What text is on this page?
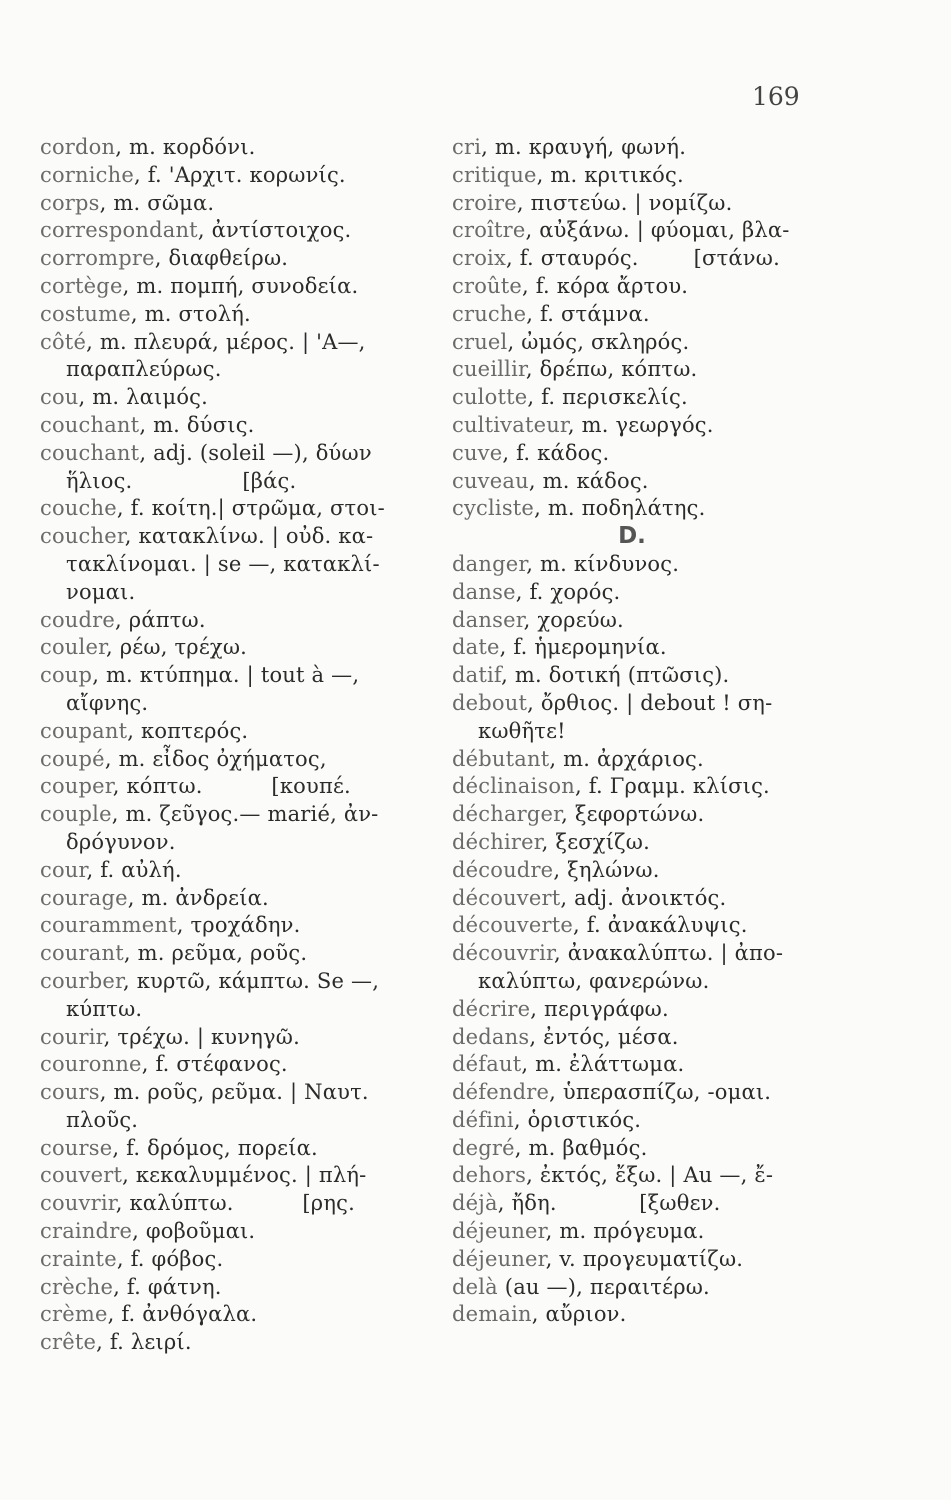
169
cordon, m. κορδόνι.
corniche, f. 'Αρχιτ. κορωνίς.
corps, m. σῶμα.
correspondant, ἀντίστοιχος.
corrompre, διαφθείρω.
cortège, m. πομπή, συνοδεία.
costume, m. στολή.
côté, m. πλευρά, μέρος. | 'Α—,
παραπλεύρως.
cou, m. λαιμός.
couchant, m. δύσις.
couchant, adj. (soleil —), δύων
ἥλιος.                [βάς.
couche, f. κοίτη.| στρῶμα, στοι-
coucher, κατακλίνω. | οὐδ. κα-
τακλίνομαι. | se —, κατακλί-
νομαι.
coudre, ράπτω.
couler, ρέω, τρέχω.
coup, m. κτύπημα. | tout à —,
αἴφνης.
coupant, κοπτερός.
coupé, m. εἶδος ὀχήματος,
couper, κόπτω.          [κουπέ.
couple, m. ζεῦγος.— marié, ἀν-
δρόγυνον.
cour, f. αὐλή.
courage, m. ἀνδρεία.
couramment, τροχάδην.
courant, m. ρεῦμα, ροῦς.
courber, κυρτῶ, κάμπτω. Se —,
κύπτω.
courir, τρέχω. | κυνηγῶ.
couronne, f. στέφανος.
cours, m. ροῦς, ρεῦμα. | Ναυτ.
πλοῦς.
course, f. δρόμος, πορεία.
couvert, κεκαλυμμένος. | πλή-
couvrir, καλύπτω.          [ρης.
craindre, φοβοῦμαι.
crainte, f. φόβος.
crèche, f. φάτνη.
crème, f. ἀνθόγαλα.
crête, f. λειρί.
cri, m. κραυγή, φωνή.
critique, m. κριτικός.
croire, πιστεύω. | νομίζω.
croître, αὐξάνω. | φύομαι, βλα-
croix, f. σταυρός.        [στάνω.
croûte, f. κόρα ἄρτου.
cruche, f. στάμνα.
cruel, ὠμός, σκληρός.
cueillir, δρέπω, κόπτω.
culotte, f. περισκελίς.
cultivateur, m. γεωργός.
cuve, f. κάδος.
cuveau, m. κάδος.
cycliste, m. ποδηλάτης.
D.
danger, m. κίνδυνος.
danse, f. χορός.
danser, χορεύω.
date, f. ἡμερομηνία.
datif, m. δοτική (πτῶσις).
debout, ὄρθιος. | debout ! ση-
κωθῆτε!
débutant, m. ἀρχάριος.
déclinaison, f. Γραμμ. κλίσις.
décharger, ξεφορτώνω.
déchirer, ξεσχίζω.
découdre, ξηλώνω.
découvert, adj. ἀνοικτός.
découverte, f. ἀνακάλυψις.
découvrir, ἀνακαλύπτω. | ἀπο-
καλύπτω, φανερώνω.
décrire, περιγράφω.
dedans, ἐντός, μέσα.
défaut, m. ἐλάττωμα.
défendre, ὑπερασπίζω, -ομαι.
défini, ὁριστικός.
degré, m. βαθμός.
dehors, ἐκτός, ἔξω. | Au —, ἔ-
déjà, ἤδη.            [ξωθεν.
déjeuner, m. πρόγευμα.
déjeuner, v. προγευματίζω.
delà (au —), περαιτέρω.
demain, αὔριον.
